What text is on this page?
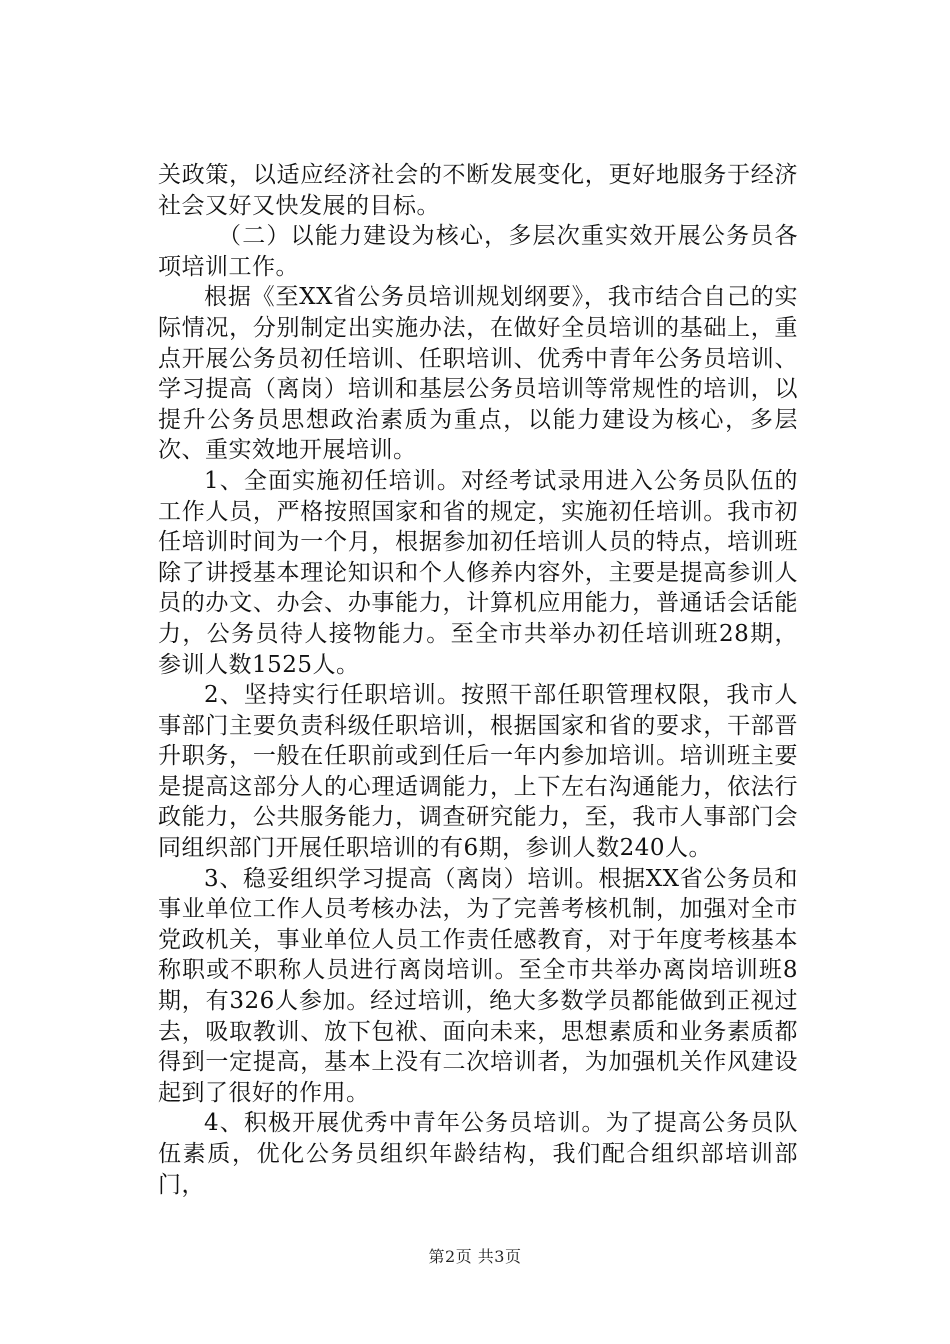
关政策，以适应经济社会的不断发展变化，更好地服务于经济社会又好又快发展的目标。

（二）以能力建设为核心，多层次重实效开展公务员各项培训工作。

根据《至XX省公务员培训规划纲要》，我市结合自己的实际情况，分别制定出实施办法，在做好全员培训的基础上，重点开展公务员初任培训、任职培训、优秀中青年公务员培训、学习提高（离岗）培训和基层公务员培训等常规性的培训，以提升公务员思想政治素质为重点，以能力建设为核心，多层次、重实效地开展培训。

1、全面实施初任培训。对经考试录用进入公务员队伍的工作人员，严格按照国家和省的规定，实施初任培训。我市初任培训时间为一个月，根据参加初任培训人员的特点，培训班除了讲授基本理论知识和个人修养内容外，主要是提高参训人员的办文、办会、办事能力，计算机应用能力，普通话会话能力，公务员待人接物能力。至全市共举办初任培训班28期，参训人数1525人。

2、坚持实行任职培训。按照干部任职管理权限，我市人事部门主要负责科级任职培训，根据国家和省的要求，干部晋升职务，一般在任职前或到任后一年内参加培训。培训班主要是提高这部分人的心理适调能力，上下左右沟通能力，依法行政能力，公共服务能力，调查研究能力，至，我市人事部门会同组织部门开展任职培训的有6期，参训人数240人。

3、稳妥组织学习提高（离岗）培训。根据XX省公务员和事业单位工作人员考核办法，为了完善考核机制，加强对全市党政机关，事业单位人员工作责任感教育，对于年度考核基本称职或不职称人员进行离岗培训。至全市共举办离岗培训班8期，有326人参加。经过培训，绝大多数学员都能做到正视过去，吸取教训、放下包袱、面向未来，思想素质和业务素质都得到一定提高，基本上没有二次培训者，为加强机关作风建设起到了很好的作用。

4、积极开展优秀中青年公务员培训。为了提高公务员队伍素质，优化公务员组织年龄结构，我们配合组织部培训部门，

第2页 共3页
